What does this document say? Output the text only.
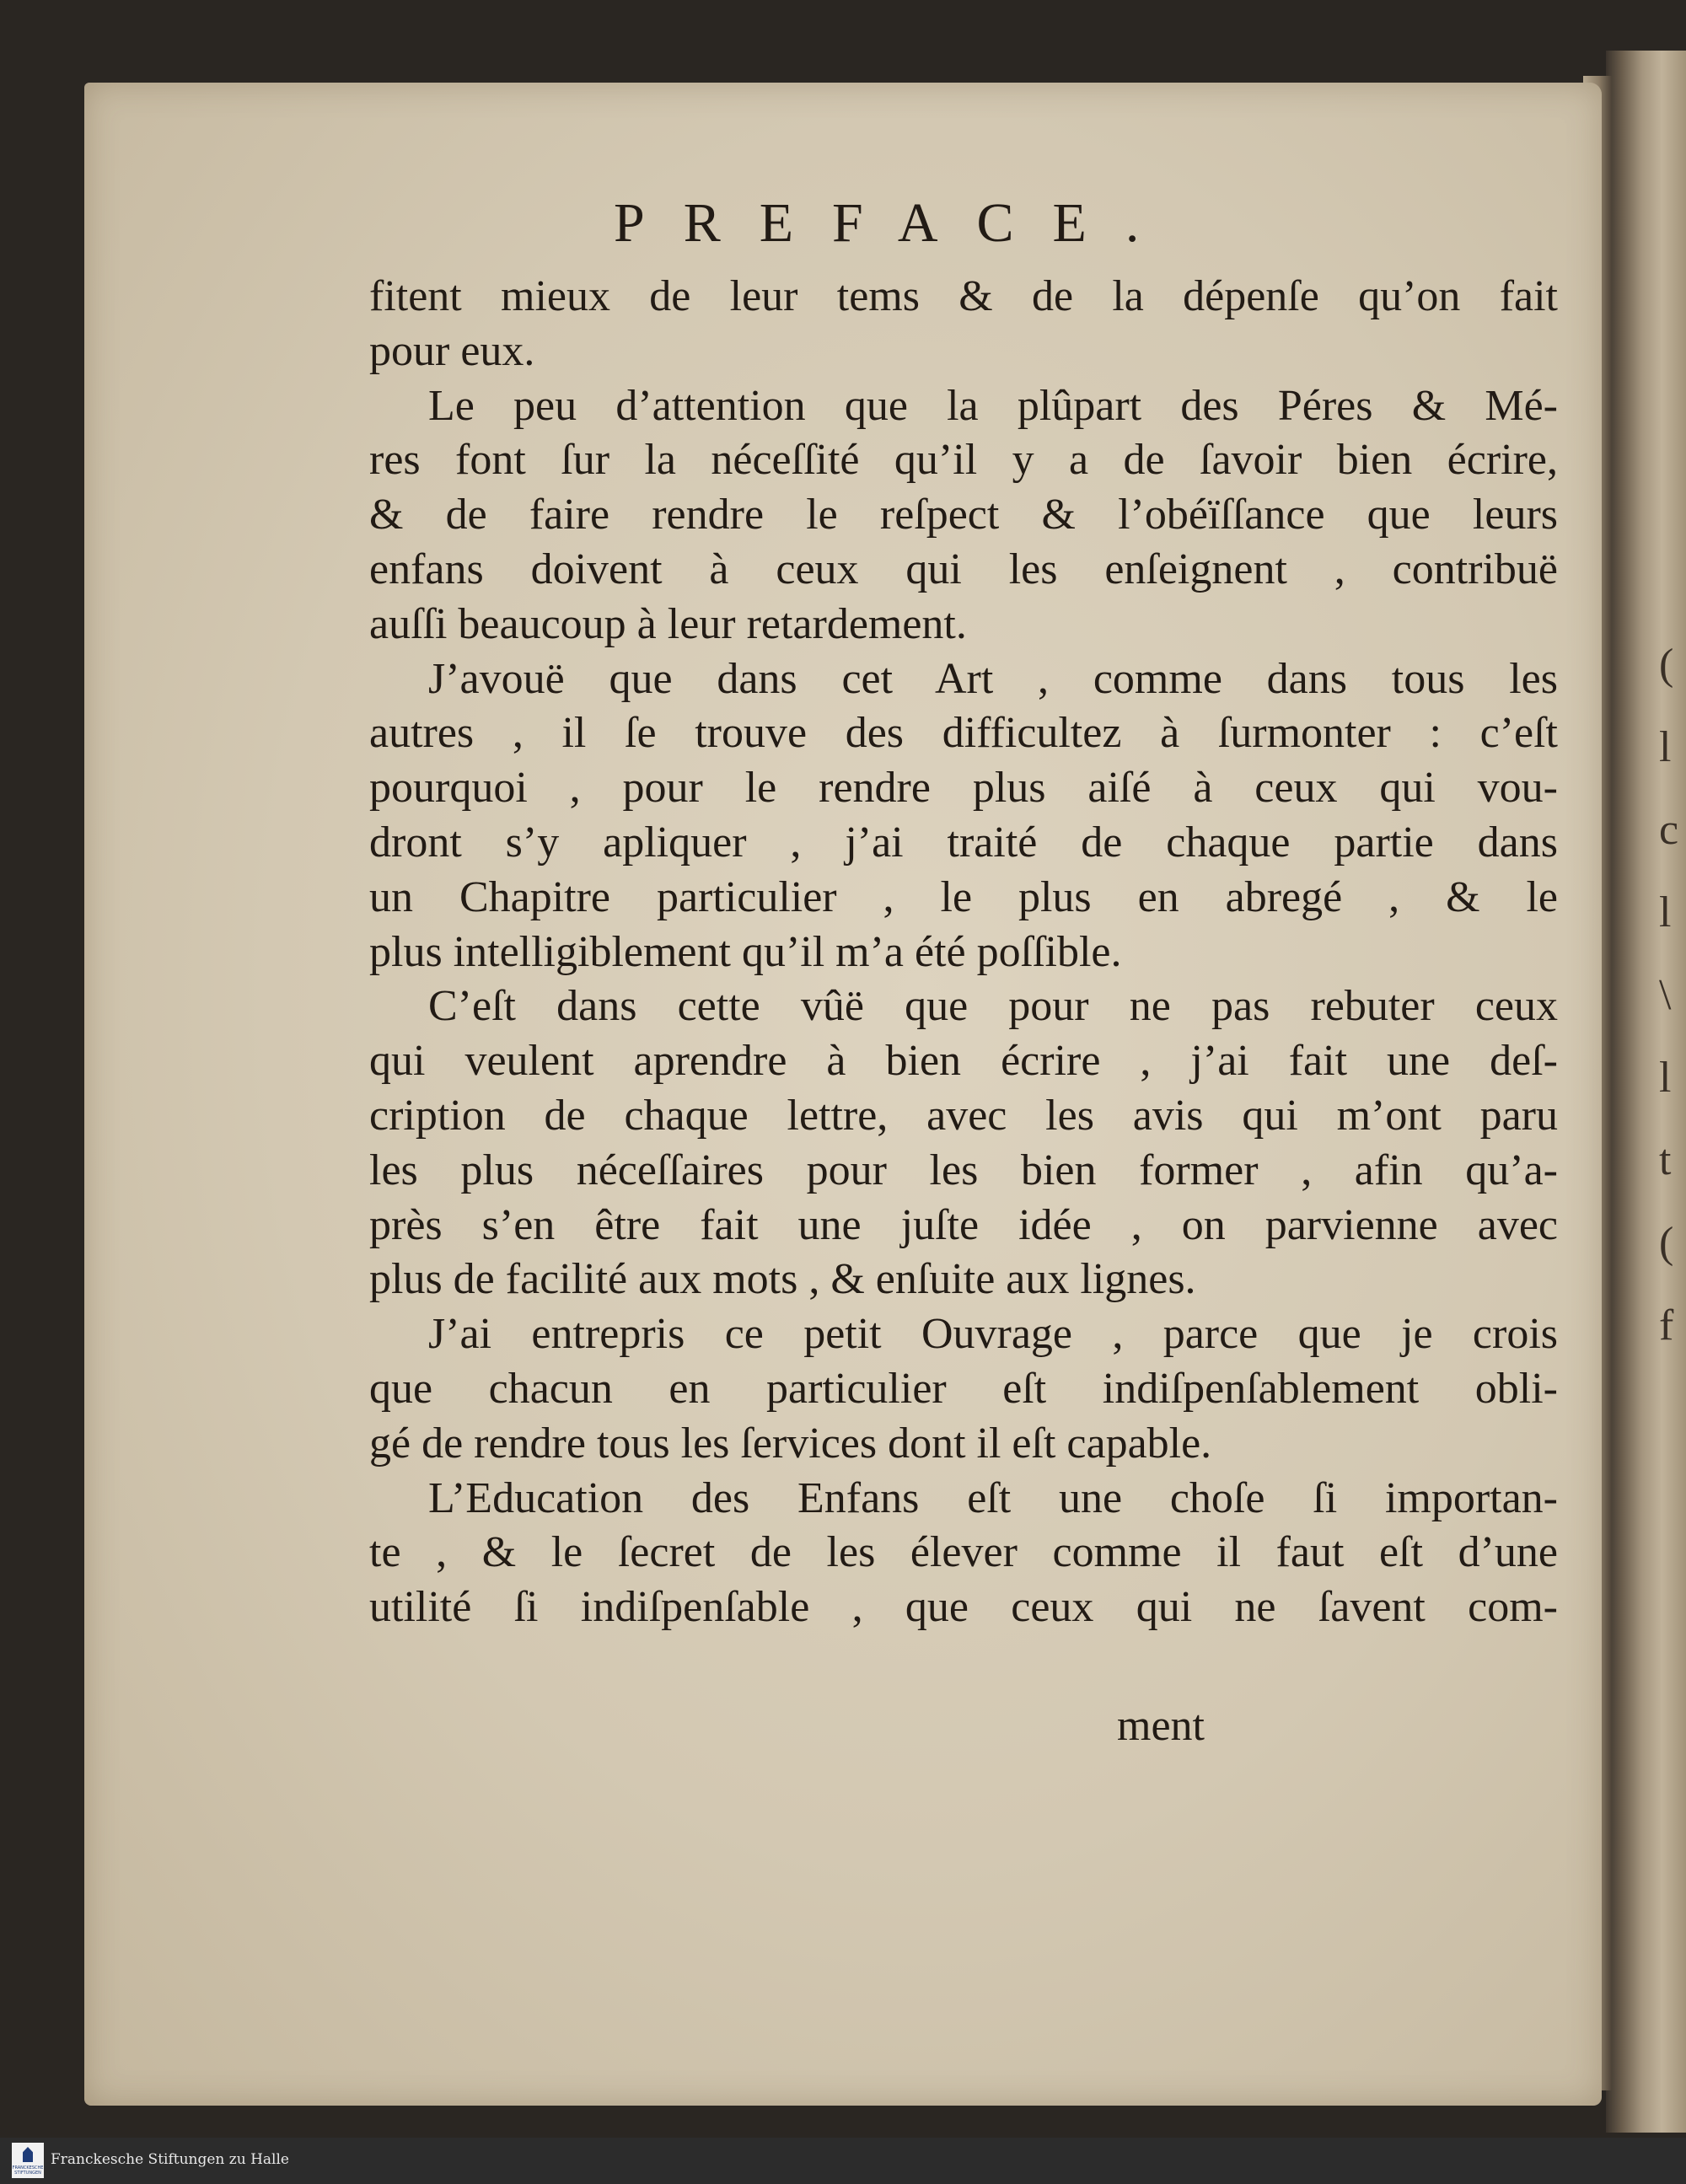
(
l
c
l
\
l
t
(
f
PREFACE.
fitent mieux de leur tems & de la dépenſe qu’on fait
pour eux.
Le peu d’attention que la plûpart des Péres & Mé-
res font ſur la néceſſité qu’il y a de ſavoir bien écrire,
& de faire rendre le reſpect & l’obéïſſance que leurs
enfans doivent à ceux qui les enſeignent , contribuë
auſſi beaucoup à leur retardement.
J’avouë que dans cet Art , comme dans tous les
autres , il ſe trouve des difficultez à ſurmonter : c’eſt
pourquoi , pour le rendre plus aiſé à ceux qui vou-
dront s’y apliquer , j’ai traité de chaque partie dans
un Chapitre particulier , le plus en abregé , & le
plus intelligiblement qu’il m’a été poſſible.
C’eſt dans cette vûë que pour ne pas rebuter ceux
qui veulent aprendre à bien écrire , j’ai fait une deſ-
cription de chaque lettre, avec les avis qui m’ont paru
les plus néceſſaires pour les bien former , afin qu’a-
près s’en être fait une juſte idée , on parvienne avec
plus de facilité aux mots , & enſuite aux lignes.
J’ai entrepris ce petit Ouvrage , parce que je crois
que chacun en particulier eſt indiſpenſablement obli-
gé de rendre tous les ſervices dont il eſt capable.
L’Education des Enfans eſt une choſe ſi importan-
te , & le ſecret de les élever comme il faut eſt d’une
utilité ſi indiſpenſable , que ceux qui ne ſavent com-
ment
FRANCKESCHE STIFTUNGEN
Franckesche Stiftungen zu Halle
